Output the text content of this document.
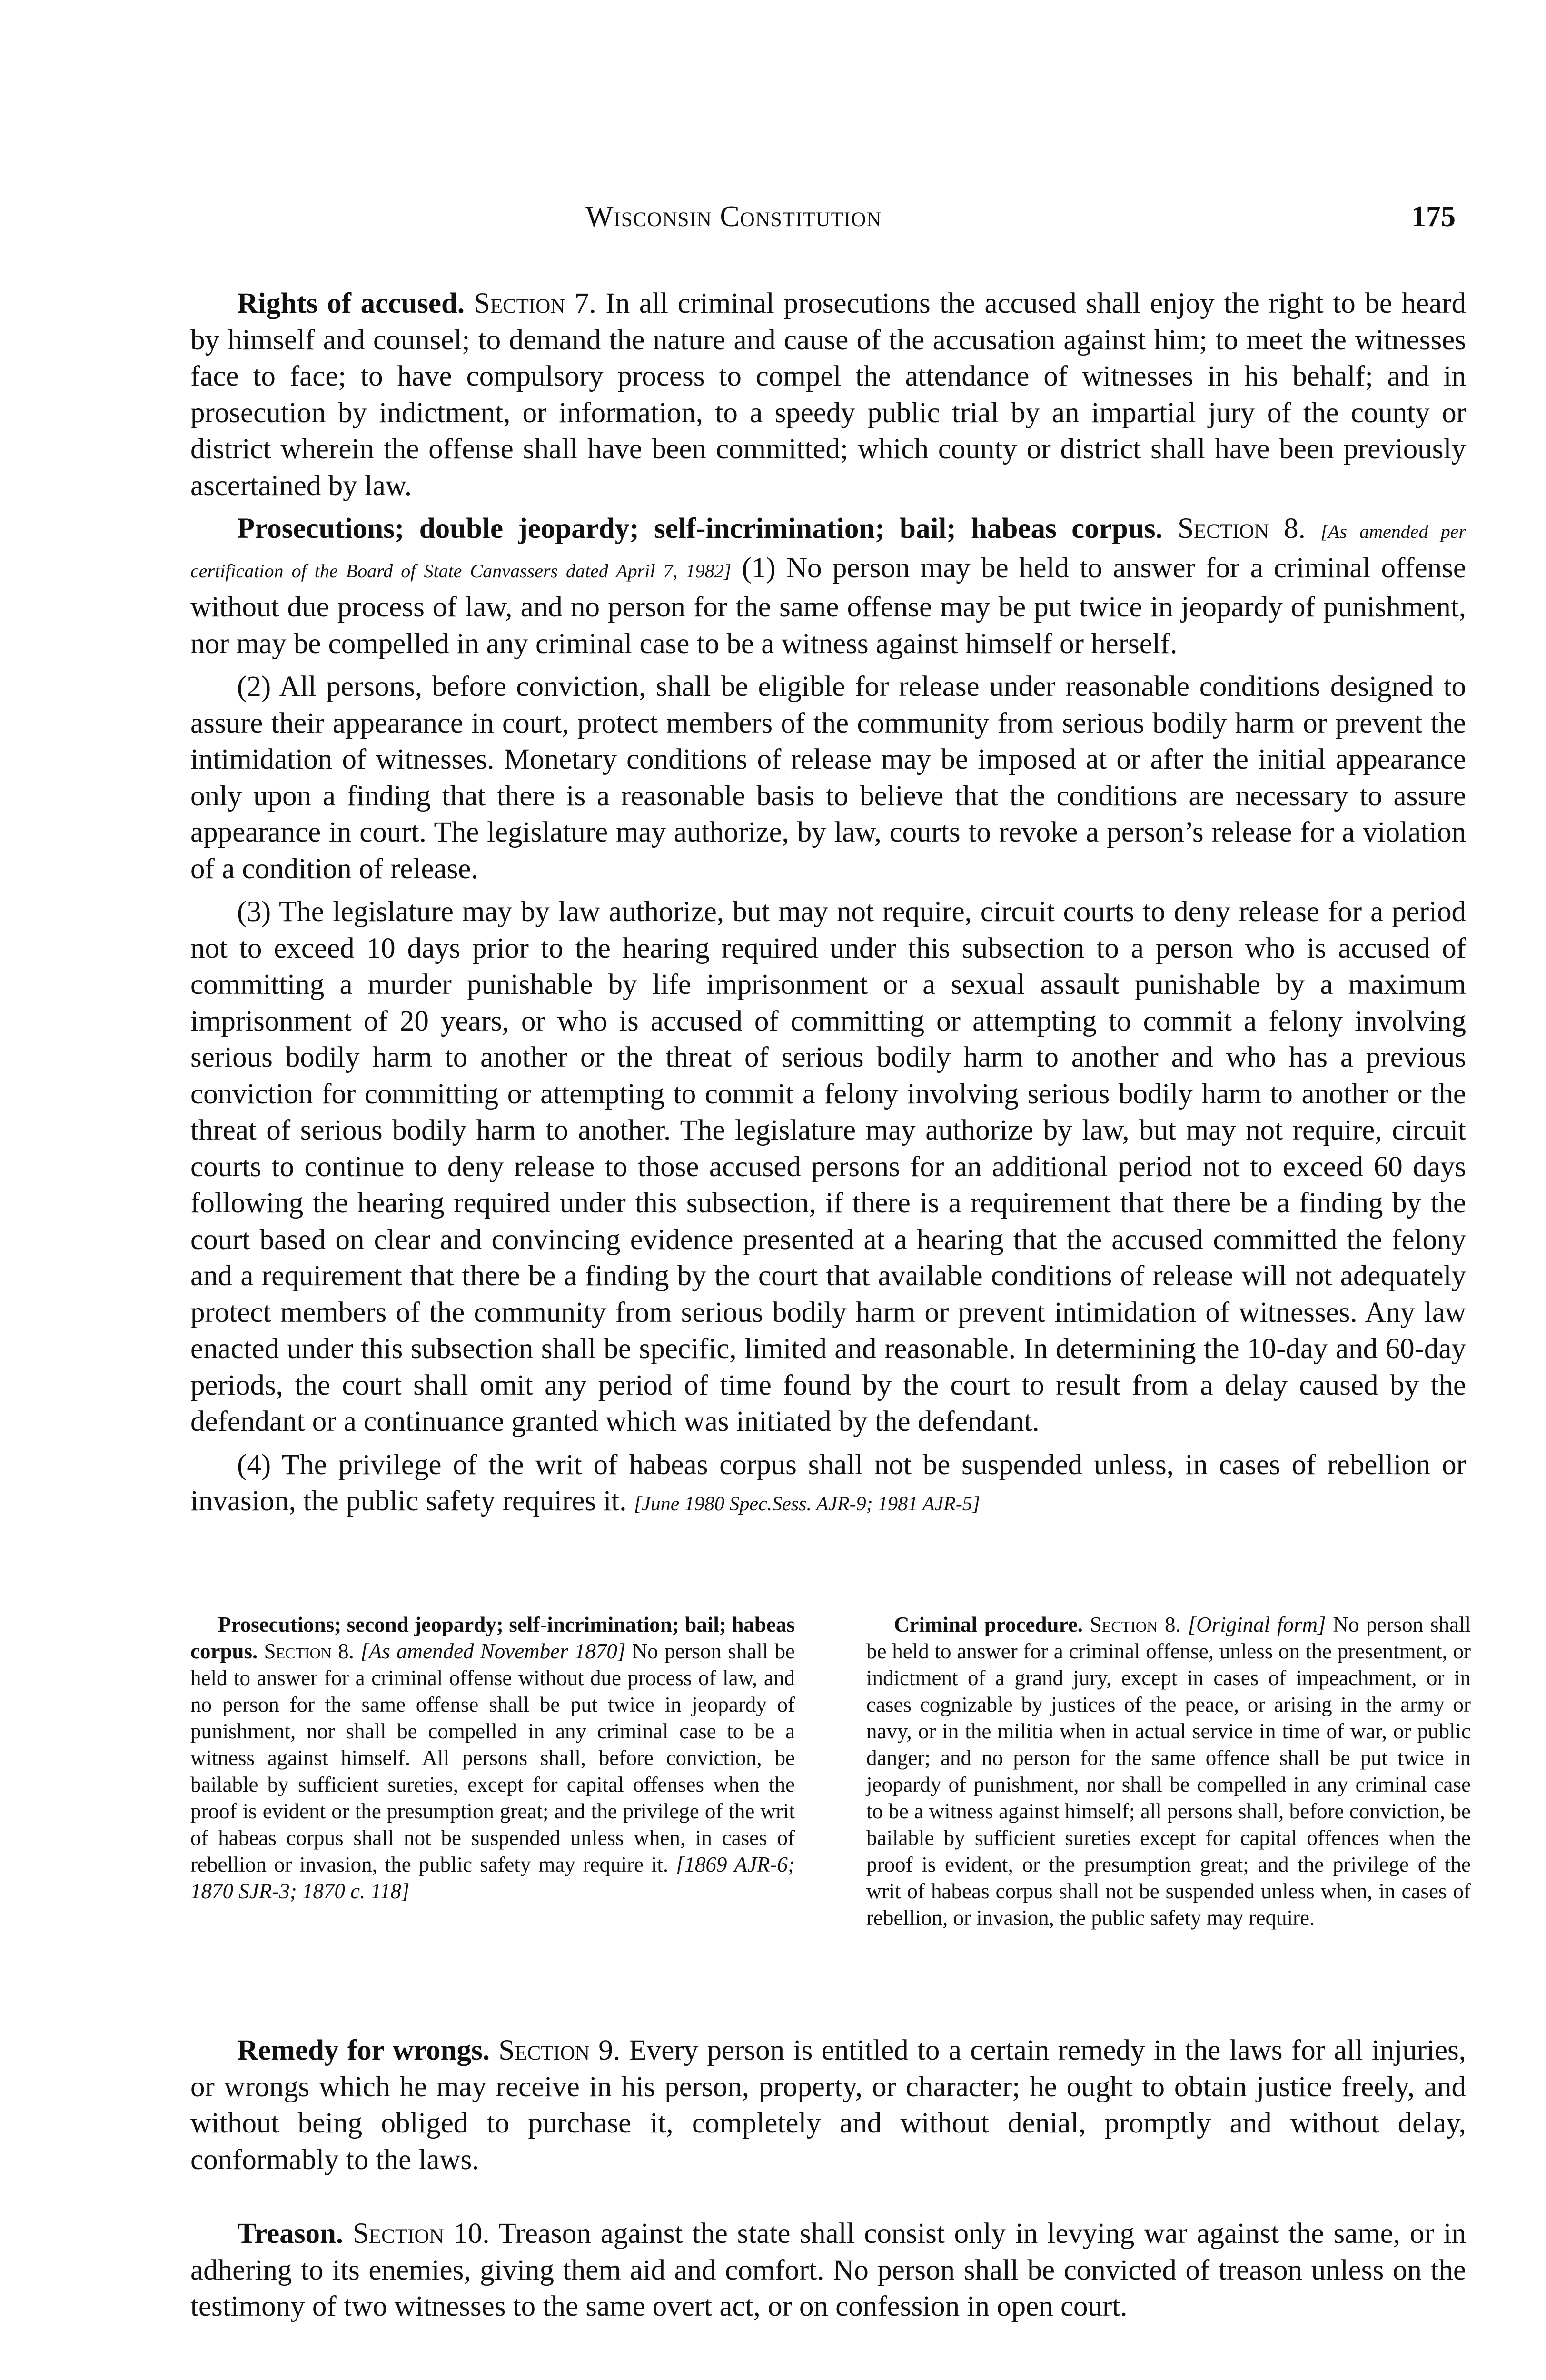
Wisconsin Constitution	175

Rights of accused. Section 7. In all criminal prosecutions the accused shall enjoy the right to be heard by himself and counsel; to demand the nature and cause of the accusation against him; to meet the witnesses face to face; to have compulsory process to compel the attendance of witnesses in his behalf; and in prosecution by indictment, or information, to a speedy public trial by an impartial jury of the county or district wherein the offense shall have been committed; which county or district shall have been previously ascertained by law.

Prosecutions; double jeopardy; self-incrimination; bail; habeas corpus. Section 8. [As amended per certification of the Board of State Canvassers dated April 7, 1982] (1) No person may be held to answer for a criminal offense without due process of law, and no person for the same offense may be put twice in jeopardy of punishment, nor may be compelled in any criminal case to be a witness against himself or herself.

(2) All persons, before conviction, shall be eligible for release under reasonable conditions designed to assure their appearance in court, protect members of the community from serious bodily harm or prevent the intimidation of witnesses. Monetary conditions of release may be imposed at or after the initial appearance only upon a finding that there is a reasonable basis to believe that the conditions are necessary to assure appearance in court. The legislature may authorize, by law, courts to revoke a person’s release for a violation of a condition of release.

(3) The legislature may by law authorize, but may not require, circuit courts to deny release for a period not to exceed 10 days prior to the hearing required under this subsection to a person who is accused of committing a murder punishable by life imprisonment or a sexual assault punishable by a maximum imprisonment of 20 years, or who is accused of committing or attempting to commit a felony involving serious bodily harm to another or the threat of serious bodily harm to another and who has a previous conviction for committing or attempting to commit a felony involving serious bodily harm to another or the threat of serious bodily harm to another. The legislature may authorize by law, but may not require, circuit courts to continue to deny release to those accused persons for an additional period not to exceed 60 days following the hearing required under this subsection, if there is a requirement that there be a finding by the court based on clear and convincing evidence presented at a hearing that the accused committed the felony and a requirement that there be a finding by the court that available conditions of release will not adequately protect members of the community from serious bodily harm or prevent intimidation of witnesses. Any law enacted under this subsection shall be specific, limited and reasonable. In determining the 10-day and 60-day periods, the court shall omit any period of time found by the court to result from a delay caused by the defendant or a continuance granted which was initiated by the defendant.

(4) The privilege of the writ of habeas corpus shall not be suspended unless, in cases of rebellion or invasion, the public safety requires it. [June 1980 Spec.Sess. AJR-9; 1981 AJR-5]

Prosecutions; second jeopardy; self-incrimination; bail; habeas corpus. Section 8. [As amended November 1870] No person shall be held to answer for a criminal offense without due process of law, and no person for the same offense shall be put twice in jeopardy of punishment, nor shall be compelled in any criminal case to be a witness against himself. All persons shall, before conviction, be bailable by sufficient sureties, except for capital offenses when the proof is evident or the presumption great; and the privilege of the writ of habeas corpus shall not be suspended unless when, in cases of rebellion or invasion, the public safety may require it. [1869 AJR-6; 1870 SJR-3; 1870 c. 118]

Criminal procedure. Section 8. [Original form] No person shall be held to answer for a criminal offense, unless on the presentment, or indictment of a grand jury, except in cases of impeachment, or in cases cognizable by justices of the peace, or arising in the army or navy, or in the militia when in actual service in time of war, or public danger; and no person for the same offence shall be put twice in jeopardy of punishment, nor shall be compelled in any criminal case to be a witness against himself; all persons shall, before conviction, be bailable by sufficient sureties except for capital offences when the proof is evident, or the presumption great; and the privilege of the writ of habeas corpus shall not be suspended unless when, in cases of rebellion, or invasion, the public safety may require.

Remedy for wrongs. Section 9. Every person is entitled to a certain remedy in the laws for all injuries, or wrongs which he may receive in his person, property, or character; he ought to obtain justice freely, and without being obliged to purchase it, completely and without denial, promptly and without delay, conformably to the laws.

Treason. Section 10. Treason against the state shall consist only in levying war against the same, or in adhering to its enemies, giving them aid and comfort. No person shall be convicted of treason unless on the testimony of two witnesses to the same overt act, or on confession in open court.
